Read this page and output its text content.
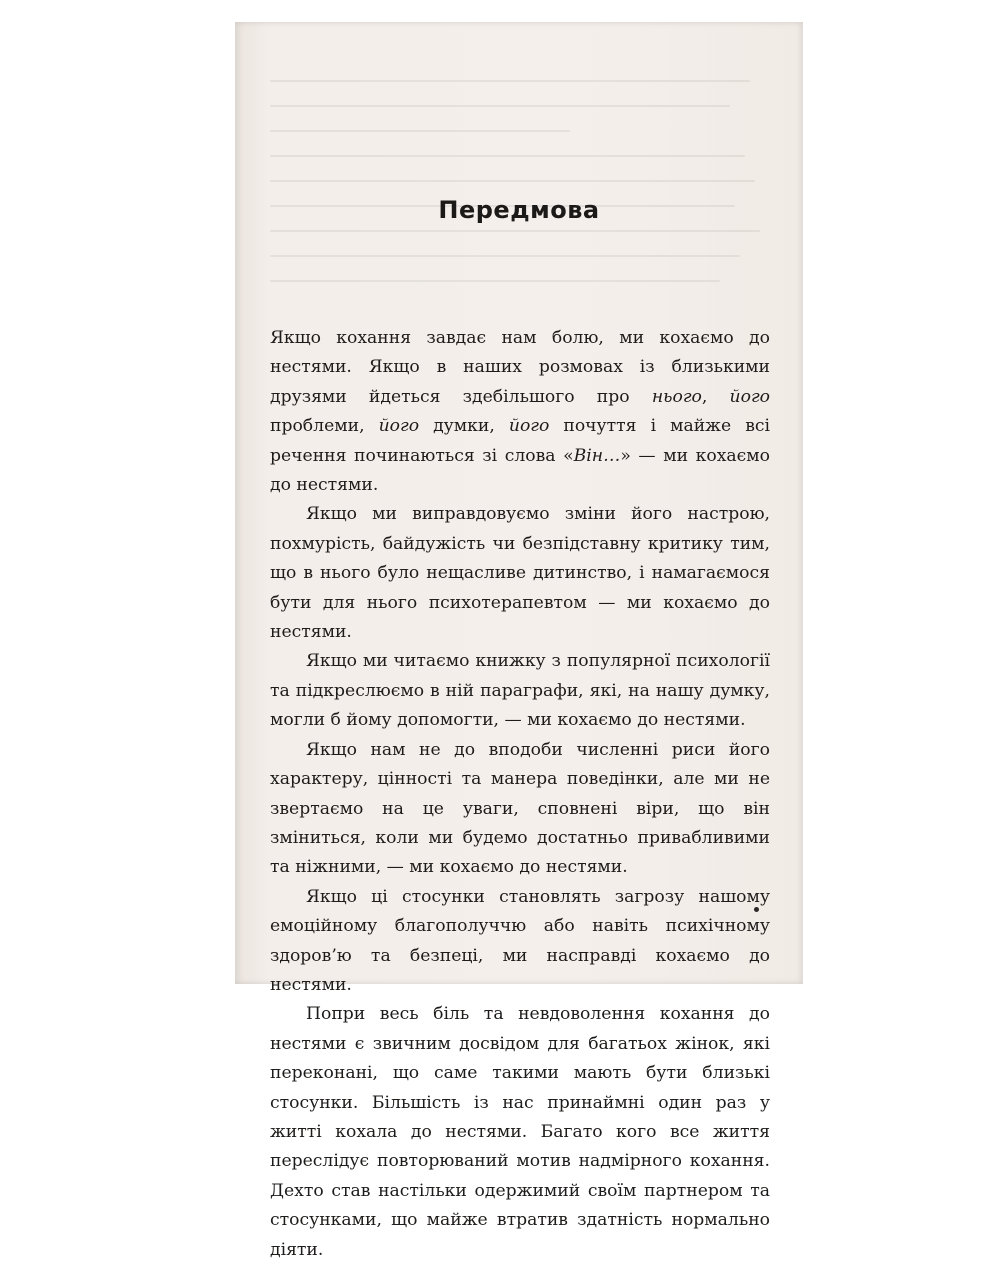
Передмова

Якщо кохання завдає нам болю, ми кохаємо до нестями. Якщо в наших розмовах із близькими друзями йдеться здебільшого про нього, його проблеми, його думки, його почуття і майже всі речення починаються зі слова «Він…» — ми кохаємо до нестями.

Якщо ми виправдовуємо зміни його настрою, похмурість, байдужість чи безпідставну критику тим, що в нього було нещасливе дитинство, і намагаємося бути для нього психотерапевтом — ми кохаємо до нестями.

Якщо ми читаємо книжку з популярної психології та підкреслюємо в ній параграфи, які, на нашу думку, могли б йому допомогти, — ми кохаємо до нестями.

Якщо нам не до вподоби численні риси його характеру, цінності та манера поведінки, але ми не звертаємо на це уваги, сповнені віри, що він зміниться, коли ми будемо достатньо привабливими та ніжними, — ми кохаємо до нестями.

Якщо ці стосунки становлять загрозу нашому емоційному благополуччю або навіть психічному здоров’ю та безпеці, ми насправді кохаємо до нестями.

Попри весь біль та невдоволення кохання до нестями є звичним досвідом для багатьох жінок, які переконані, що саме такими мають бути близькі стосунки. Більшість із нас принаймні один раз у житті кохала до нестями. Багато кого все життя переслідує повторюваний мотив надмірного кохання. Дехто став настільки одержимий своїм партнером та стосунками, що майже втратив здатність нормально діяти.
